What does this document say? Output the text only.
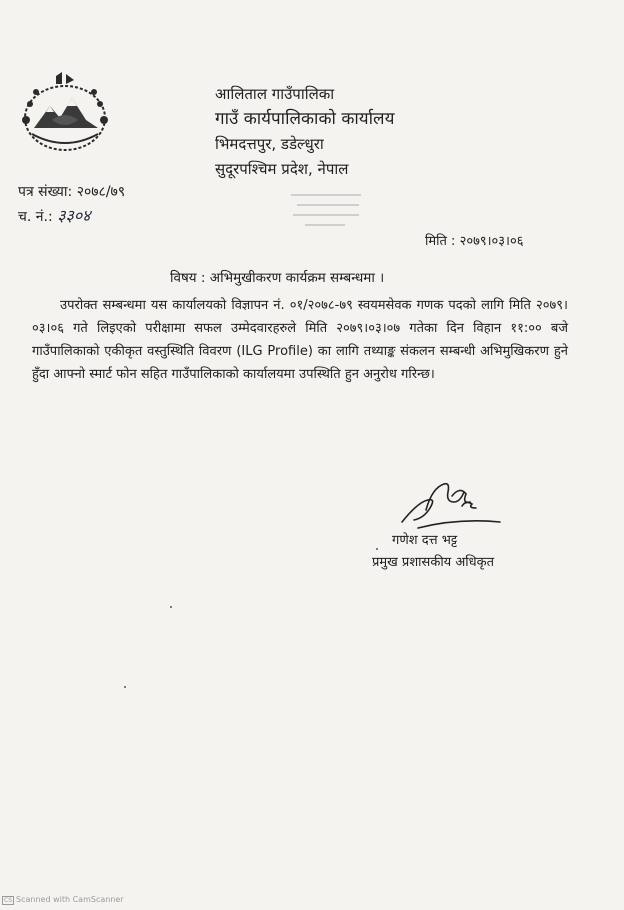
आलिताल गाउँपालिका
गाउँ कार्यपालिकाको कार्यालय
भिमदत्तपुर, डडेल्धुरा
सुदूरपश्चिम प्रदेश, नेपाल
पत्र संख्या: २०७८/७९
च. नं.: ३३०४
मिति : २०७९।०३।०६
विषय : अभिमुखीकरण कार्यक्रम सम्बन्धमा ।

उपरोक्त सम्बन्धमा यस कार्यालयको विज्ञापन नं. ०१/२०७८-७९ स्वयमसेवक गणक पदको लागि मिति २०७९।०३।०६ गते लिइएको परीक्षामा सफल उम्मेदवारहरुले मिति २०७९।०३।०७ गतेका दिन विहान ११:०० बजे गाउँपालिकाको एकीकृत वस्तुस्थिति विवरण (ILG Profile) का लागि तथ्याङ्क संकलन सम्बन्धी अभिमुखिकरण हुने हुँदा आफ्नो स्मार्ट फोन सहित गाउँपालिकाको कार्यालयमा उपस्थिति हुन अनुरोध गरिन्छ।

गणेश दत्त भट्ट
प्रमुख प्रशासकीय अधिकृत
CS Scanned with CamScanner
